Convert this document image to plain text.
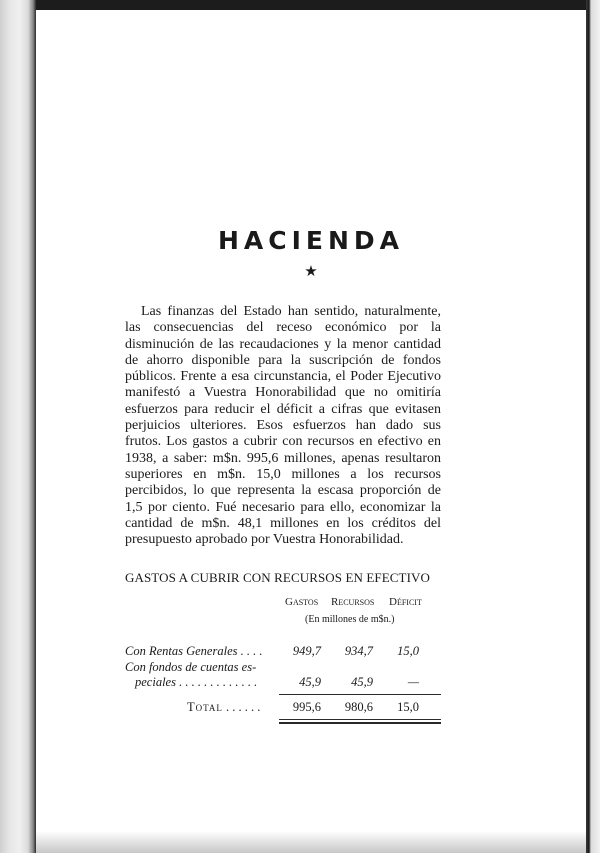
HACIENDA
★

Las finanzas del Estado han sentido, naturalmente, las consecuencias del receso económico por la disminución de las recaudaciones y la menor cantidad de ahorro disponible para la suscripción de fondos públicos. Frente a esa circunstancia, el Poder Ejecutivo manifestó a Vuestra Honorabilidad que no omitiría esfuerzos para reducir el déficit a cifras que evitasen perjuicios ulteriores. Esos esfuerzos han dado sus frutos. Los gastos a cubrir con recursos en efectivo en 1938, a saber: m$n. 995,6 millones, apenas resultaron superiores en m$n. 15,0 millones a los recursos percibidos, lo que representa la escasa proporción de 1,5 por ciento. Fué necesario para ello, economizar la cantidad de m$n. 48,1 millones en los créditos del presupuesto aprobado por Vuestra Honorabilidad.

GASTOS A CUBRIR CON RECURSOS EN EFECTIVO
Gastos Recursos Déficit
(En millones de m$n.)
Con Rentas Generales . . . .	949,7	934,7	15,0
Con fondos de cuentas es-
peciales . . . . . . . . . . . . .	45,9	45,9	—
Total . . . . . .	995,6	980,6	15,0
